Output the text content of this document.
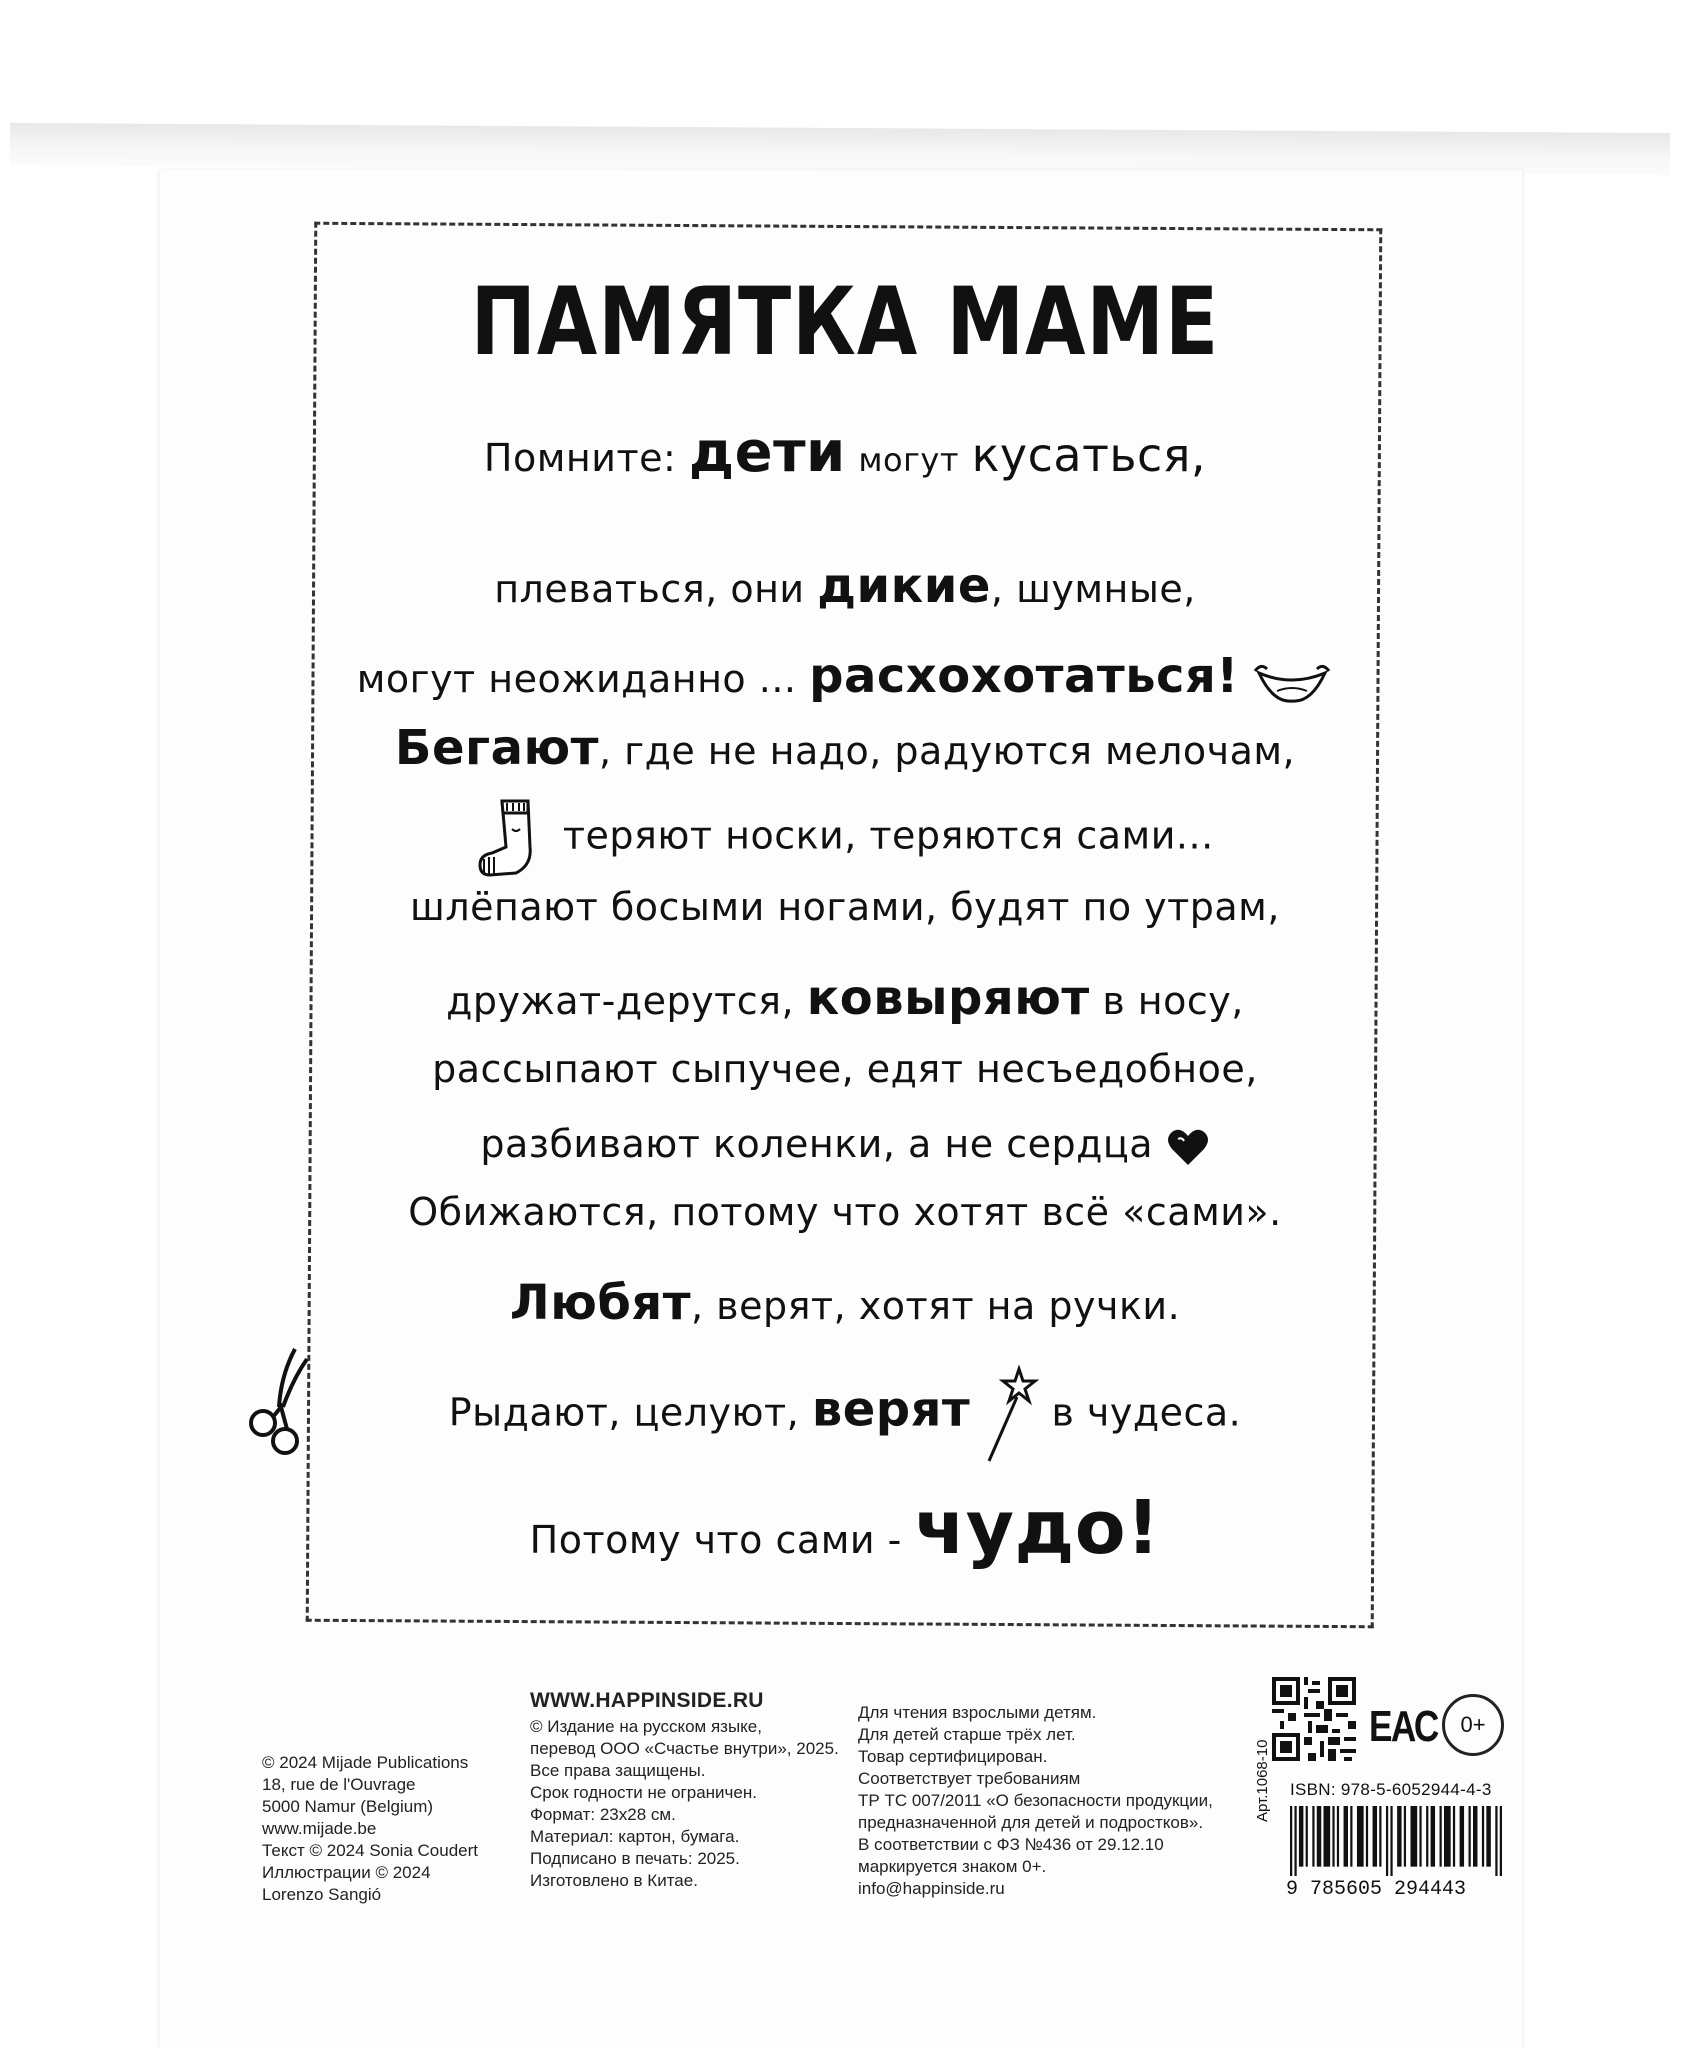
ПАМЯТКА МАМЕ
Помните: дети могут кусаться,
плеваться, они дикие, шумные,
могут неожиданно ... расхохотаться!
Бегают, где не надо, радуются мелочам,
теряют носки, теряются сами...
шлёпают босыми ногами, будят по утрам,
дружат-дерутся, ковыряют в носу,
рассыпают сыпучее, едят несъедобное,
разбивают коленки, а не сердца
Обижаются, потому что хотят всё «сами».
Любят, верят, хотят на ручки.
Рыдают, целуют, верят в чудеса.
Потому что сами - чудо!
© 2024 Mijade Publications
18, rue de l'Ouvrage
5000 Namur (Belgium)
www.mijade.be
Текст © 2024 Sonia Coudert
Иллюстрации © 2024
Lorenzo Sangió
WWW.HAPPINSIDE.RU
© Издание на русском языке,
перевод ООО «Счастье внутри», 2025.
Все права защищены.
Срок годности не ограничен.
Формат: 23х28 см.
Материал: картон, бумага.
Подписано в печать: 2025.
Изготовлено в Китае.
Для чтения взрослыми детям.
Для детей старше трёх лет.
Товар сертифицирован.
Соответствует требованиям
ТР ТС 007/2011 «О безопасности продукции,
предназначенной для детей и подростков».
В соответствии с ФЗ №436 от 29.12.10
маркируется знаком 0+.
info@happinside.ru
ЕАС	0+
ISBN: 978-5-6052944-4-3
9 785605 294443
Арт.1068-10
